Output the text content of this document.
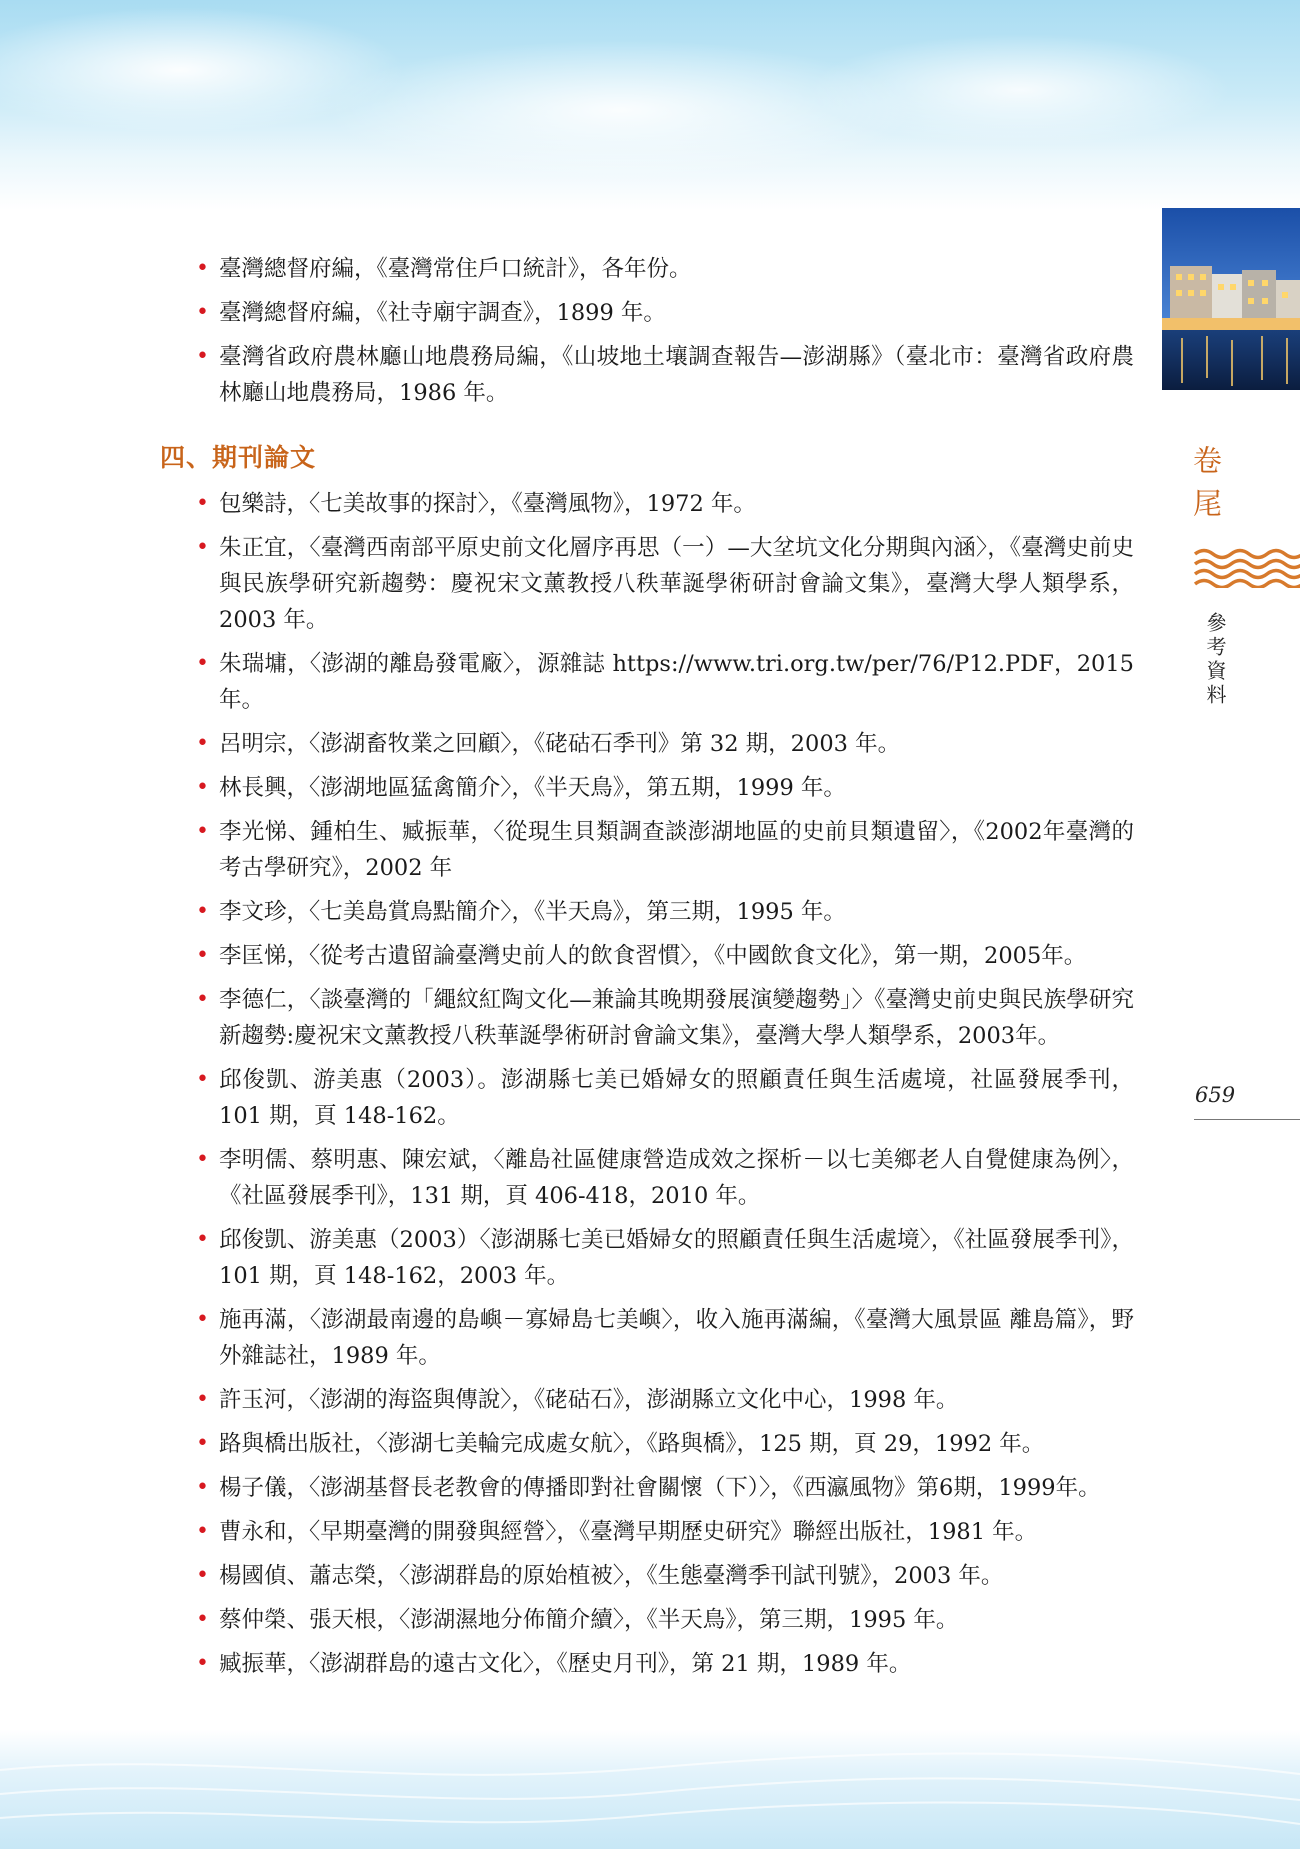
卷尾
參考資料
659
• 臺灣總督府編，《臺灣常住戶口統計》，各年份。
• 臺灣總督府編，《社寺廟宇調查》，1899 年。
• 臺灣省政府農林廳山地農務局編，《山坡地土壤調查報告—澎湖縣》（臺北市：臺灣省政府農林廳山地農務局，1986 年。
四、期刊論文
• 包樂詩，〈七美故事的探討〉，《臺灣風物》，1972 年。
• 朱正宜，〈臺灣西南部平原史前文化層序再思（一）—大坌坑文化分期與內涵〉，《臺灣史前史與民族學研究新趨勢：慶祝宋文薰教授八秩華誕學術研討會論文集》，臺灣大學人類學系，2003 年。
• 朱瑞墉，〈澎湖的離島發電廠〉，源雜誌 https://www.tri.org.tw/per/76/P12.PDF，2015 年。
• 呂明宗，〈澎湖畜牧業之回顧〉，《硓𥑮石季刊》第 32 期，2003 年。
• 林長興，〈澎湖地區猛禽簡介〉，《半天鳥》，第五期，1999 年。
• 李光悌、鍾柏生、臧振華，〈從現生貝類調查談澎湖地區的史前貝類遺留〉，《2002年臺灣的考古學研究》，2002 年
• 李文珍，〈七美島賞鳥點簡介〉，《半天鳥》，第三期，1995 年。
• 李匡悌，〈從考古遺留論臺灣史前人的飲食習慣〉，《中國飲食文化》，第一期，2005年。
• 李德仁，〈談臺灣的「繩紋紅陶文化—兼論其晚期發展演變趨勢」〉《臺灣史前史與民族學研究新趨勢:慶祝宋文薰教授八秩華誕學術研討會論文集》，臺灣大學人類學系，2003年。
• 邱俊凱、游美惠（2003）。澎湖縣七美已婚婦女的照顧責任與生活處境，社區發展季刊，101 期，頁 148-162。
• 李明儒、蔡明惠、陳宏斌，〈離島社區健康營造成效之探析－以七美鄉老人自覺健康為例〉，《社區發展季刊》，131 期，頁 406-418，2010 年。
• 邱俊凱、游美惠（2003）〈澎湖縣七美已婚婦女的照顧責任與生活處境〉，《社區發展季刊》，101 期，頁 148-162，2003 年。
• 施再滿，〈澎湖最南邊的島嶼－寡婦島七美嶼〉，收入施再滿編，《臺灣大風景區 離島篇》，野外雜誌社，1989 年。
• 許玉河，〈澎湖的海盜與傳說〉，《硓𥑮石》，澎湖縣立文化中心，1998 年。
• 路與橋出版社，〈澎湖七美輪完成處女航〉，《路與橋》，125 期，頁 29，1992 年。
• 楊子儀，〈澎湖基督長老教會的傳播即對社會關懷（下）〉，《西瀛風物》第6期，1999年。
• 曹永和，〈早期臺灣的開發與經營〉，《臺灣早期歷史研究》聯經出版社，1981 年。
• 楊國偵、蕭志榮，〈澎湖群島的原始植被〉，《生態臺灣季刊試刊號》，2003 年。
• 蔡仲榮、張天根，〈澎湖濕地分佈簡介續〉，《半天鳥》，第三期，1995 年。
• 臧振華，〈澎湖群島的遠古文化〉，《歷史月刊》，第 21 期，1989 年。
